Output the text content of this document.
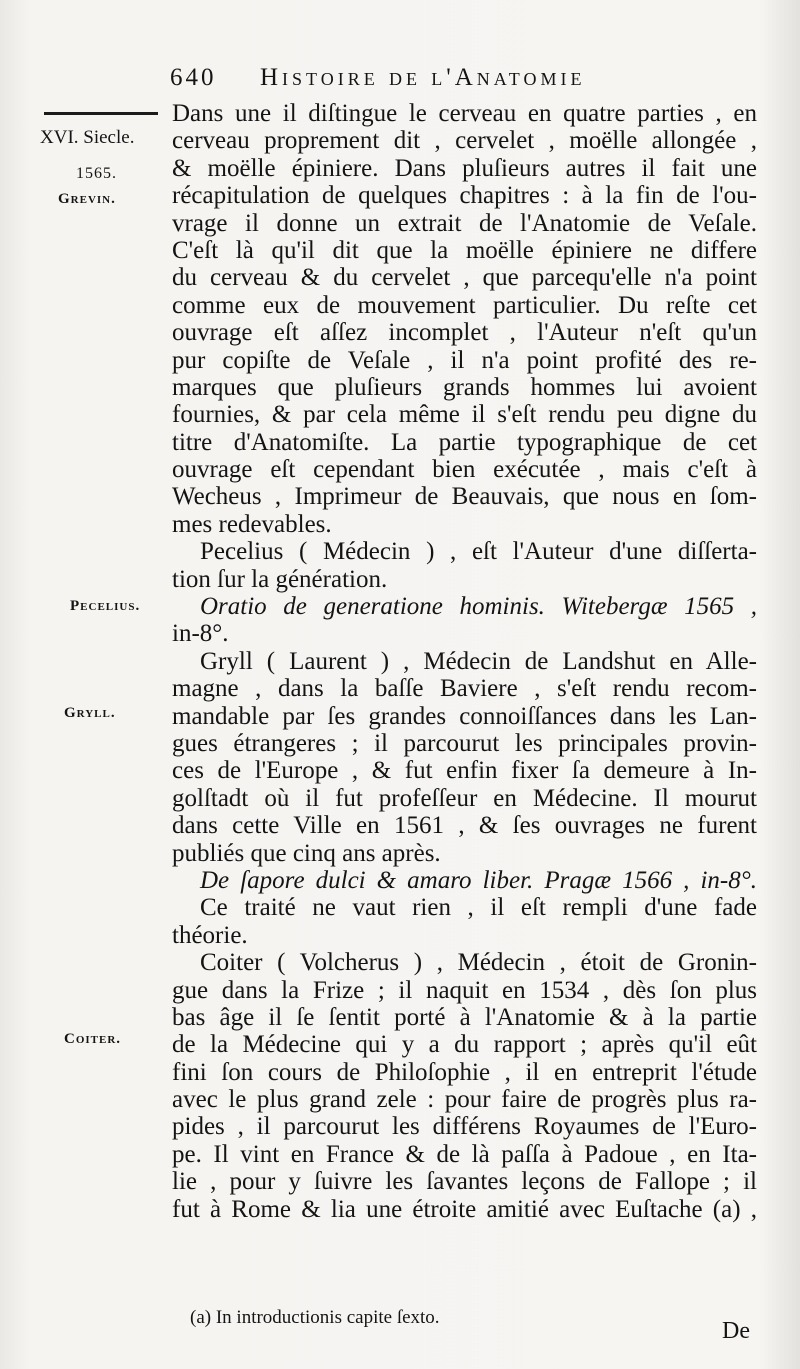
640 Histoire de l'Anatomie
XVI. Siecle.
1565.
Grevin.
Pecelius.
Gryll.
Coiter.
Dans une il diſtingue le cerveau en quatre parties , en
cerveau proprement dit , cervelet , moëlle allongée ,
& moëlle épiniere. Dans pluſieurs autres il fait une
récapitulation de quelques chapitres : à la fin de l'ou-
vrage il donne un extrait de l'Anatomie de Veſale.
C'eſt là qu'il dit que la moëlle épiniere ne differe
du cerveau & du cervelet , que parcequ'elle n'a point
comme eux de mouvement particulier. Du reſte cet
ouvrage eſt aſſez incomplet , l'Auteur n'eſt qu'un
pur copiſte de Veſale , il n'a point profité des re-
marques que pluſieurs grands hommes lui avoient
fournies, & par cela même il s'eſt rendu peu digne du
titre d'Anatomiſte. La partie typographique de cet
ouvrage eſt cependant bien exécutée , mais c'eſt à
Wecheus , Imprimeur de Beauvais, que nous en ſom-
mes redevables.
Pecelius ( Médecin ) , eſt l'Auteur d'une diſſerta-
tion ſur la génération.
Oratio de generatione hominis. Witebergæ 1565 ,
in-8°.
Gryll ( Laurent ) , Médecin de Landshut en Alle-
magne , dans la baſſe Baviere , s'eſt rendu recom-
mandable par ſes grandes connoiſſances dans les Lan-
gues étrangeres ; il parcourut les principales provin-
ces de l'Europe , & fut enfin fixer ſa demeure à In-
golſtadt où il fut profeſſeur en Médecine. Il mourut
dans cette Ville en 1561 , & ſes ouvrages ne furent
publiés que cinq ans après.
De ſapore dulci & amaro liber. Pragæ 1566 , in-8°.
Ce traité ne vaut rien , il eſt rempli d'une fade
théorie.
Coiter ( Volcherus ) , Médecin , étoit de Gronin-
gue dans la Frize ; il naquit en 1534 , dès ſon plus
bas âge il ſe ſentit porté à l'Anatomie & à la partie
de la Médecine qui y a du rapport ; après qu'il eût
fini ſon cours de Philoſophie , il en entreprit l'étude
avec le plus grand zele : pour faire de progrès plus ra-
pides , il parcourut les différens Royaumes de l'Euro-
pe. Il vint en France & de là paſſa à Padoue , en Ita-
lie , pour y ſuivre les ſavantes leçons de Fallope ; il
fut à Rome & lia une étroite amitié avec Euſtache (a) ,
(a) In introductionis capite ſexto.
De
